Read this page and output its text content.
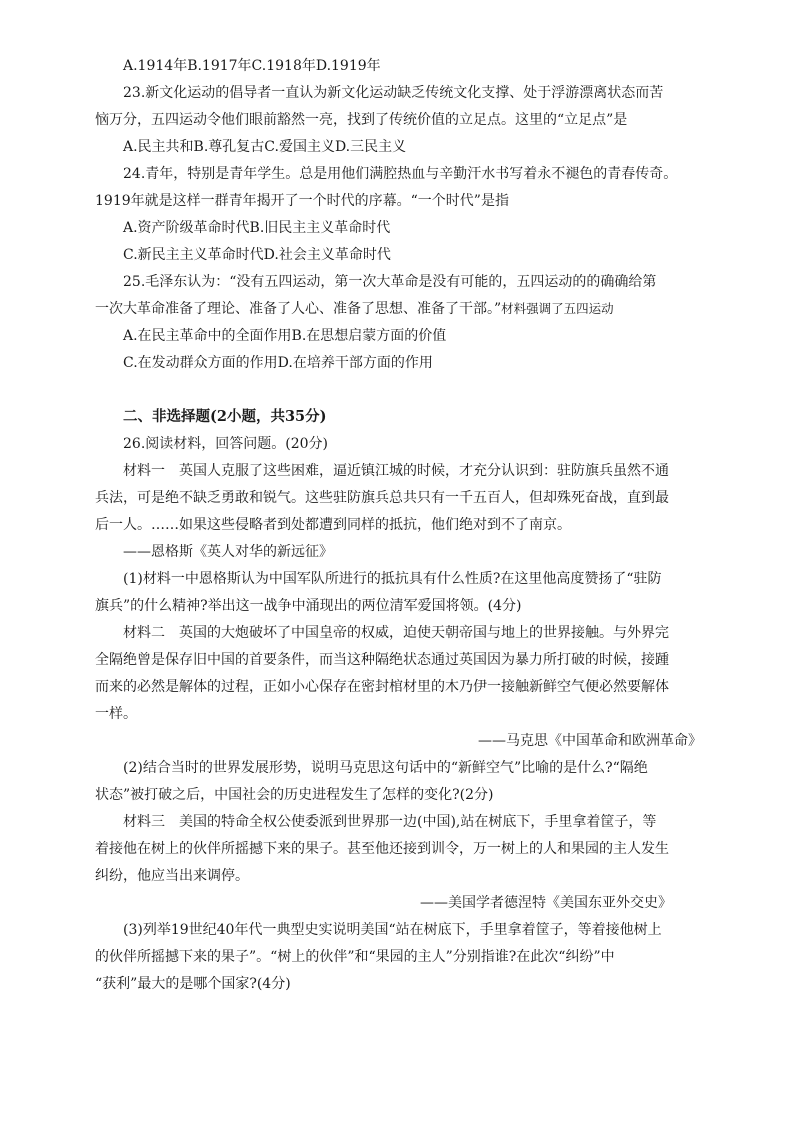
A.1914年B.1917年C.1918年D.1919年
23.新文化运动的倡导者一直认为新文化运动缺乏传统文化支撑、处于浮游漂离状态而苦
恼万分，五四运动令他们眼前豁然一亮，找到了传统价值的立足点。这里的“立足点”是
A.民主共和B.尊孔复古C.爱国主义D.三民主义
24.青年，特别是青年学生。总是用他们满腔热血与辛勤汗水书写着永不褪色的青春传奇。
1919年就是这样一群青年揭开了一个时代的序幕。“一个时代”是指
A.资产阶级革命时代B.旧民主主义革命时代
C.新民主主义革命时代D.社会主义革命时代
25.毛泽东认为：“没有五四运动，第一次大革命是没有可能的，五四运动的的确确给第
一次大革命准备了理论、准备了人心、准备了思想、准备了干部。”材料强调了五四运动
A.在民主革命中的全面作用B.在思想启蒙方面的价值
C.在发动群众方面的作用D.在培养干部方面的作用
二、非选择题(2小题，共35分)
26.阅读材料，回答问题。(20分)
材料一　英国人克服了这些困难，逼近镇江城的时候，才充分认识到：驻防旗兵虽然不通
兵法，可是绝不缺乏勇敢和锐气。这些驻防旗兵总共只有一千五百人，但却殊死奋战，直到最
后一人。……如果这些侵略者到处都遭到同样的抵抗，他们绝对到不了南京。
——恩格斯《英人对华的新远征》
(1)材料一中恩格斯认为中国军队所进行的抵抗具有什么性质?在这里他高度赞扬了“驻防
旗兵”的什么精神?举出这一战争中涌现出的两位清军爱国将领。(4分)
材料二　英国的大炮破坏了中国皇帝的权威，迫使天朝帝国与地上的世界接触。与外界完
全隔绝曾是保存旧中国的首要条件，而当这种隔绝状态通过英国因为暴力所打破的时候，接踵
而来的必然是解体的过程，正如小心保存在密封棺材里的木乃伊一接触新鲜空气便必然要解体
一样。
——马克思《中国革命和欧洲革命》
(2)结合当时的世界发展形势，说明马克思这句话中的“新鲜空气”比喻的是什么?“隔绝
状态”被打破之后，中国社会的历史进程发生了怎样的变化?(2分)
材料三　美国的特命全权公使委派到世界那一边(中国),站在树底下，手里拿着筐子，等
着接他在树上的伙伴所摇撼下来的果子。甚至他还接到训令，万一树上的人和果园的主人发生
纠纷，他应当出来调停。
——美国学者德涅特《美国东亚外交史》
(3)列举19世纪40年代一典型史实说明美国“站在树底下，手里拿着筐子，等着接他树上
的伙伴所摇撼下来的果子”。“树上的伙伴”和“果园的主人”分别指谁?在此次“纠纷”中
“获利”最大的是哪个国家?(4分)
